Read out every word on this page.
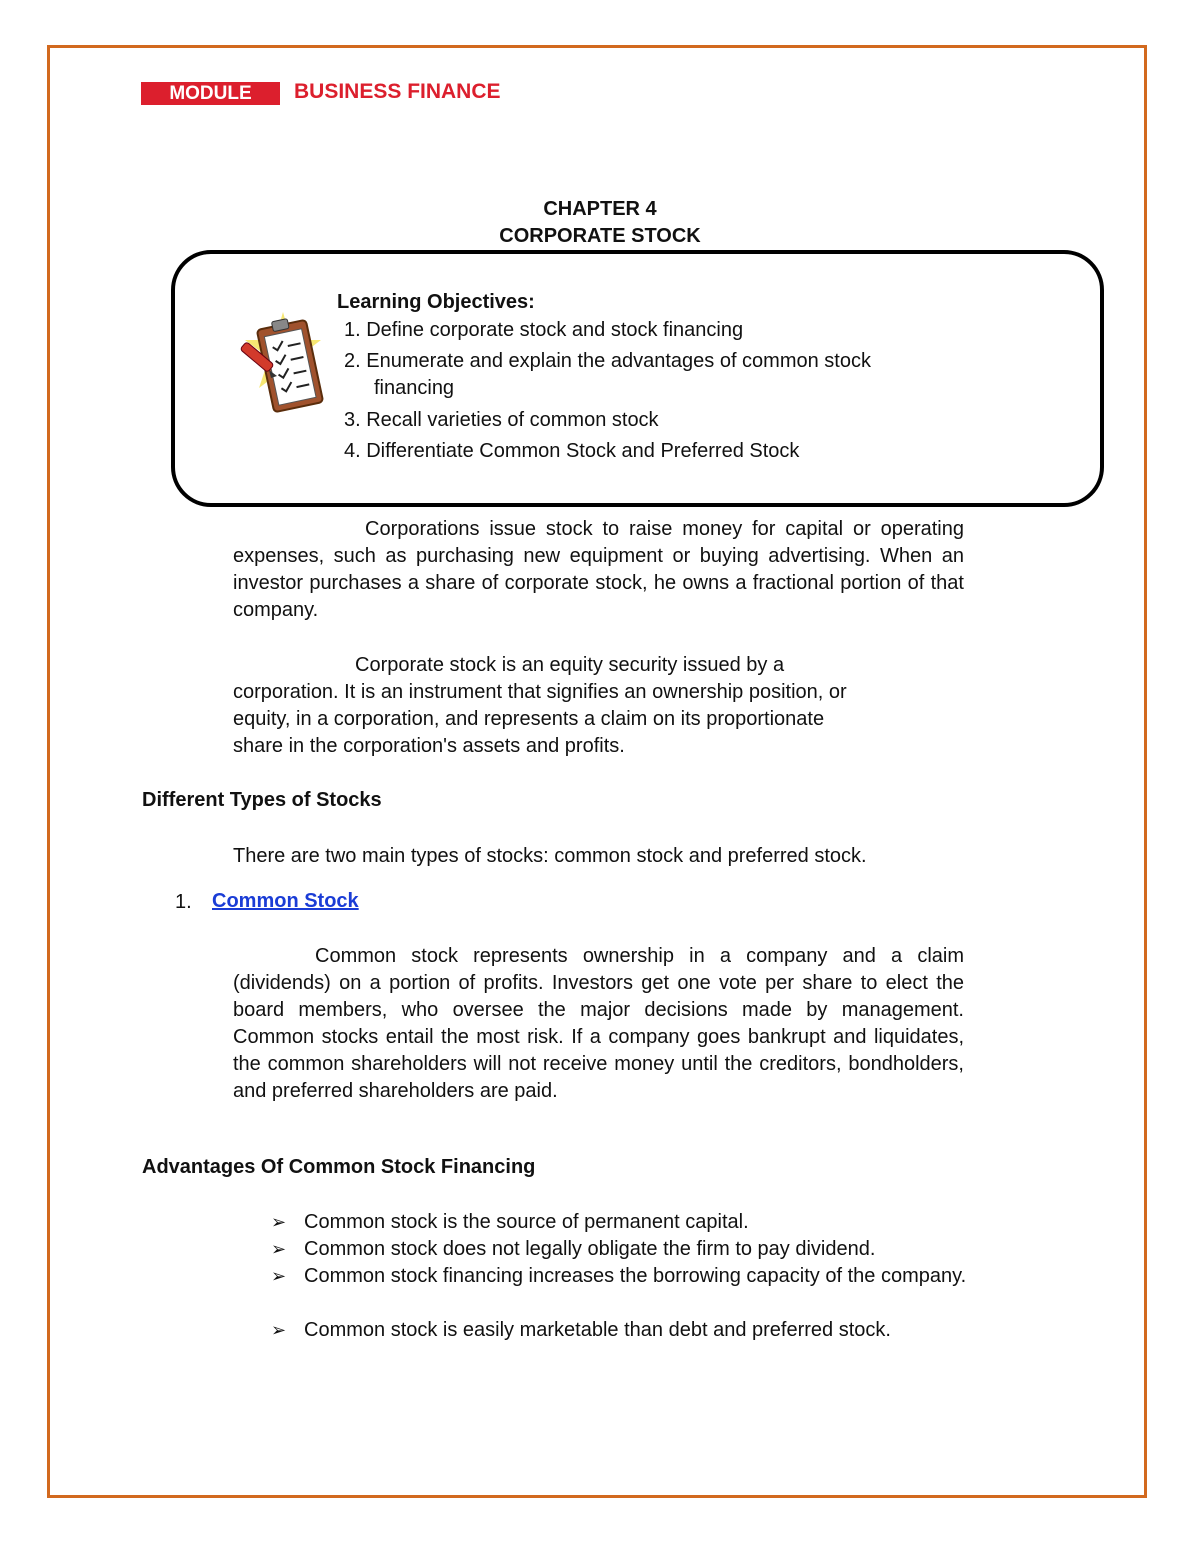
MODULE	BUSINESS FINANCE
CHAPTER 4
CORPORATE STOCK
Learning Objectives:
1. Define corporate stock and stock financing
2. Enumerate and explain the advantages of common stock
financing
3. Recall varieties of common stock
4. Differentiate Common Stock and Preferred Stock

Corporations issue stock to raise money for capital or operating expenses, such as purchasing new equipment or buying advertising. When an investor purchases a share of corporate stock, he owns a fractional portion of that company.

Corporate stock is an equity security issued by a corporation. It is an instrument that signifies an ownership position, or equity, in a corporation, and represents a claim on its proportionate share in the corporation's assets and profits.

Different Types of Stocks

There are two main types of stocks: common stock and preferred stock.

1. Common Stock

Common stock represents ownership in a company and a claim (dividends) on a portion of profits. Investors get one vote per share to elect the board members, who oversee the major decisions made by management. Common stocks entail the most risk. If a company goes bankrupt and liquidates, the common shareholders will not receive money until the creditors, bondholders, and preferred shareholders are paid.

Advantages Of Common Stock Financing
➢ Common stock is the source of permanent capital.
➢ Common stock does not legally obligate the firm to pay dividend.
➢ Common stock financing increases the borrowing capacity of the company.
➢ Common stock is easily marketable than debt and preferred stock.
